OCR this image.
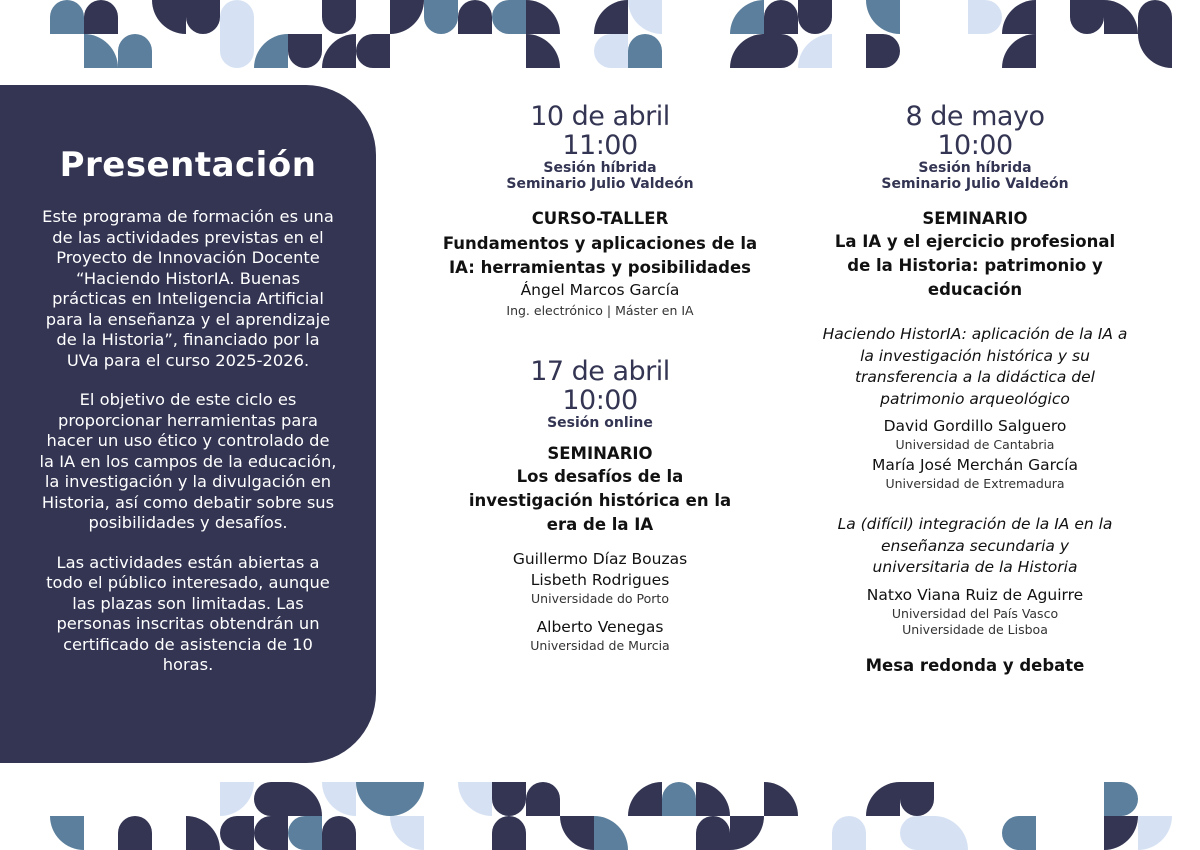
Presentación

Este programa de formación es una de las actividades previstas en el Proyecto de Innovación Docente “Haciendo HistorIA. Buenas prácticas en Inteligencia Artificial para la enseñanza y el aprendizaje de la Historia”, financiado por la UVa para el curso 2025-2026.

El objetivo de este ciclo es proporcionar herramientas para hacer un uso ético y controlado de la IA en los campos de la educación, la investigación y la divulgación en Historia, así como debatir sobre sus posibilidades y desafíos.

Las actividades están abiertas a todo el público interesado, aunque las plazas son limitadas. Las personas inscritas obtendrán un certificado de asistencia de 10 horas.

10 de abril
11:00
Sesión híbrida
Seminario Julio Valdeón
CURSO-TALLER
Fundamentos y aplicaciones de la IA: herramientas y posibilidades
Ángel Marcos García
Ing. electrónico | Máster en IA
17 de abril
10:00
Sesión online
SEMINARIO
Los desafíos de la investigación histórica en la era de la IA
Guillermo Díaz Bouzas
Lisbeth Rodrigues
Universidade do Porto
Alberto Venegas
Universidad de Murcia
8 de mayo
10:00
Sesión híbrida
Seminario Julio Valdeón
SEMINARIO
La IA y el ejercicio profesional de la Historia: patrimonio y educación
Haciendo HistorIA: aplicación de la IA a la investigación histórica y su transferencia a la didáctica del patrimonio arqueológico
David Gordillo Salguero
Universidad de Cantabria
María José Merchán García
Universidad de Extremadura
La (difícil) integración de la IA en la enseñanza secundaria y universitaria de la Historia
Natxo Viana Ruiz de Aguirre
Universidad del País Vasco
Universidade de Lisboa
Mesa redonda y debate
